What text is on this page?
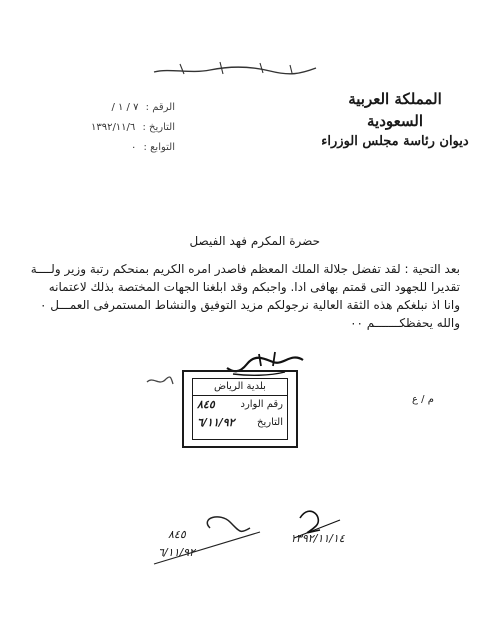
المملكة العربية السعودية
ديوان رئاسة مجلس الوزراء
الرقم : ٧ / ١ /
التاريخ : ١٣٩٢/١١/٦
التوابع : ٠

حضرة المكرم فهد الفيصل

بعد التحية : لقد تفضل جلالة الملك المعظم فاصدر امره الكريم بمنحكم رتبة وزير ولــــة

تقديرا للجهود التى قمتم بهافى ادا. واجبكم وقد ابلغنا الجهات المختصة بذلك لاعتمانه

وانا اذ نبلغكم هذه الثقة العالية نرجولكم مزيد التوفيق والنشاط المستمرفى العمـــل ٠

والله يحفظكـــــــم ٠٠

بلدية الرياض
رقم الوارد
٨٤٥
التاريخ
٦/١١/٩٢
م / ع
١٣٩٢/١١/١٤
٨٤٥
٦/١١/٩٢
